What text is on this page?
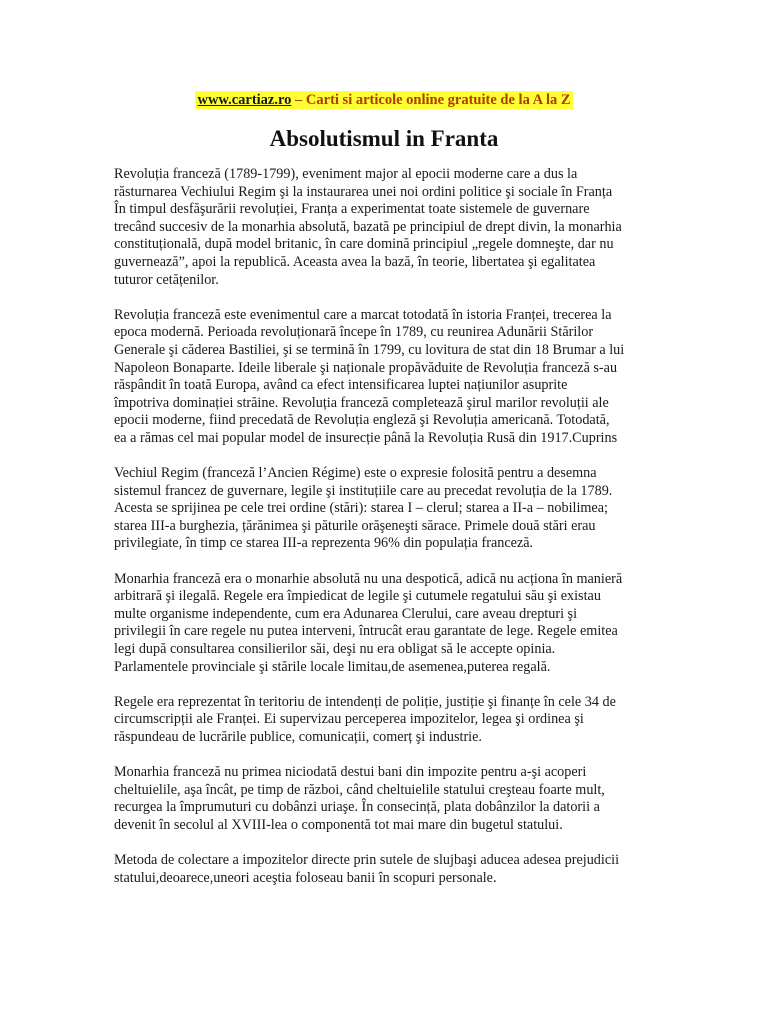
www.cartiaz.ro – Carti si articole online gratuite de la A la Z
Absolutismul in Franta

Revoluția franceză (1789-1799), eveniment major al epocii moderne care a dus la
răsturnarea Vechiului Regim şi la instaurarea unei noi ordini politice şi sociale în Franța
În timpul desfăşurării revoluției, Franța a experimentat toate sistemele de guvernare
trecând succesiv de la monarhia absolută, bazată pe principiul de drept divin, la monarhia
constituțională, după model britanic, în care domină principiul „regele domneşte, dar nu
guvernează”, apoi la republică. Aceasta avea la bază, în teorie, libertatea şi egalitatea
tuturor cetățenilor.

Revoluția franceză este evenimentul care a marcat totodată în istoria Franței, trecerea la
epoca modernă. Perioada revoluționară începe în 1789, cu reunirea Adunării Stărilor
Generale şi căderea Bastiliei, şi se termină în 1799, cu lovitura de stat din 18 Brumar a lui
Napoleon Bonaparte. Ideile liberale şi naționale propăvăduite de Revoluția franceză s-au
răspândit în toată Europa, având ca efect intensificarea luptei națiunilor asuprite
împotriva dominației străine. Revoluția franceză completează şirul marilor revoluții ale
epocii moderne, fiind precedată de Revoluția engleză şi Revoluția americană. Totodată,
ea a rămas cel mai popular model de insurecție până la Revoluția Rusă din 1917.Cuprins

Vechiul Regim (franceză l’Ancien Régime) este o expresie folosită pentru a desemna
sistemul francez de guvernare, legile şi instituțiile care au precedat revoluția de la 1789.
Acesta se sprijinea pe cele trei ordine (stări): starea I – clerul; starea a II-a – nobilimea;
starea III-a burghezia, țărănimea şi păturile orăşeneşti sărace. Primele două stări erau
privilegiate, în timp ce starea III-a reprezenta 96% din populația franceză.

Monarhia franceză era o monarhie absolută nu una despotică, adică nu acționa în manieră
arbitrară şi ilegală. Regele era împiedicat de legile şi cutumele regatului său şi existau
multe organisme independente, cum era Adunarea Clerului, care aveau drepturi şi
privilegii în care regele nu putea interveni, întrucât erau garantate de lege. Regele emitea
legi după consultarea consilierilor săi, deşi nu era obligat să le accepte opinia.
Parlamentele provinciale şi stările locale limitau,de asemenea,puterea regală.

Regele era reprezentat în teritoriu de intendenți de poliție, justiție şi finanțe în cele 34 de
circumscripții ale Franței. Ei supervizau perceperea impozitelor, legea şi ordinea şi
răspundeau de lucrările publice, comunicații, comerț şi industrie.

Monarhia franceză nu primea niciodată destui bani din impozite pentru a-şi acoperi
cheltuielile, aşa încât, pe timp de război, când cheltuielile statului creşteau foarte mult,
recurgea la împrumuturi cu dobânzi uriaşe. În consecință, plata dobânzilor la datorii a
devenit în secolul al XVIII-lea o componentă tot mai mare din bugetul statului.

Metoda de colectare a impozitelor directe prin sutele de slujbaşi aducea adesea prejudicii
statului,deoarece,uneori aceştia foloseau banii în scopuri personale.
